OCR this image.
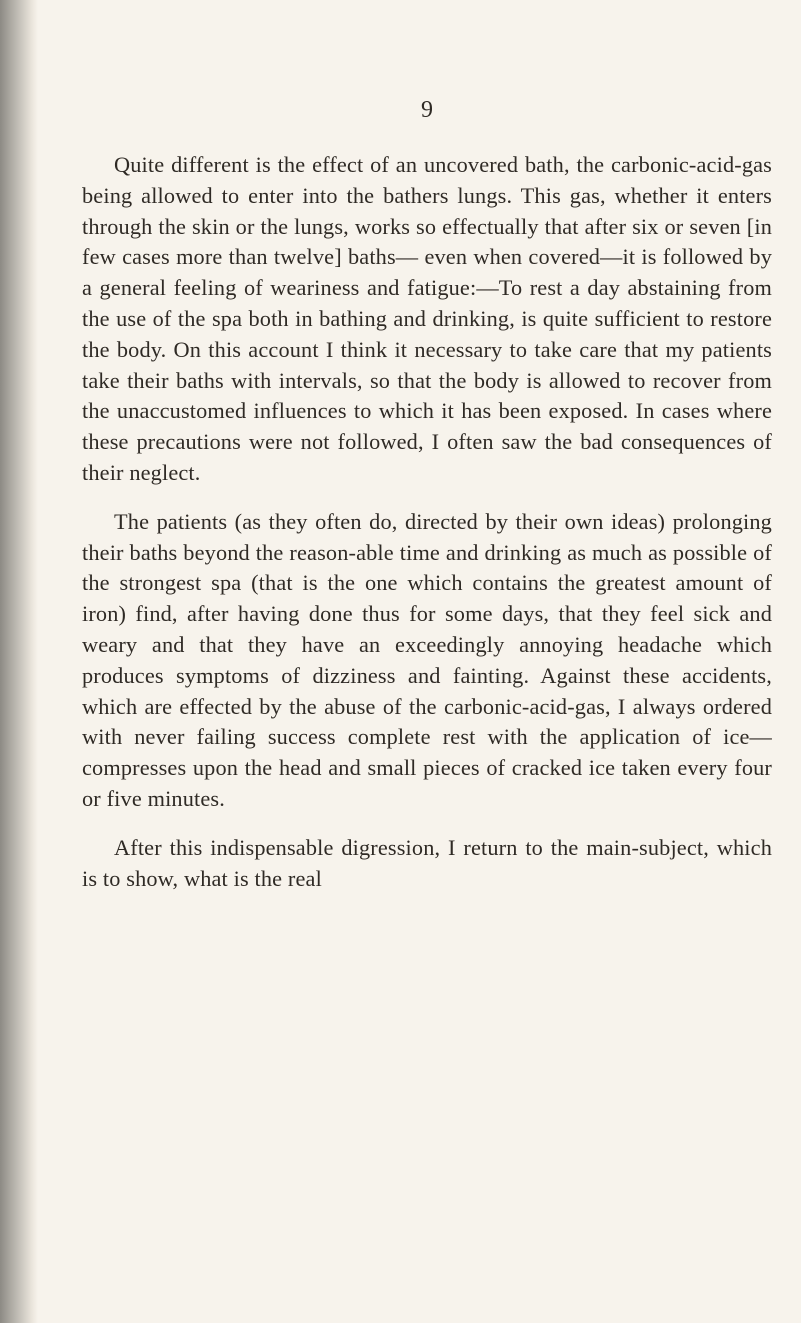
9

Quite different is the effect of an uncovered bath, the carbonic-acid-gas being allowed to enter into the bathers lungs. This gas, whether it enters through the skin or the lungs, works so effectually that after six or seven [in few cases more than twelve] baths— even when covered—it is followed by a general feeling of weariness and fatigue:—To rest a day abstaining from the use of the spa both in bathing and drinking, is quite sufficient to restore the body. On this account I think it necessary to take care that my patients take their baths with intervals, so that the body is allowed to recover from the unaccustomed influences to which it has been exposed. In cases where these precautions were not followed, I often saw the bad consequences of their neglect.

The patients (as they often do, directed by their own ideas) prolonging their baths beyond the reason-able time and drinking as much as possible of the strongest spa (that is the one which contains the greatest amount of iron) find, after having done thus for some days, that they feel sick and weary and that they have an exceedingly annoying headache which produces symptoms of dizziness and fainting. Against these accidents, which are effected by the abuse of the carbonic-acid-gas, I always ordered with never failing success complete rest with the application of ice— compresses upon the head and small pieces of cracked ice taken every four or five minutes.

After this indispensable digression, I return to the main-subject, which is to show, what is the real
